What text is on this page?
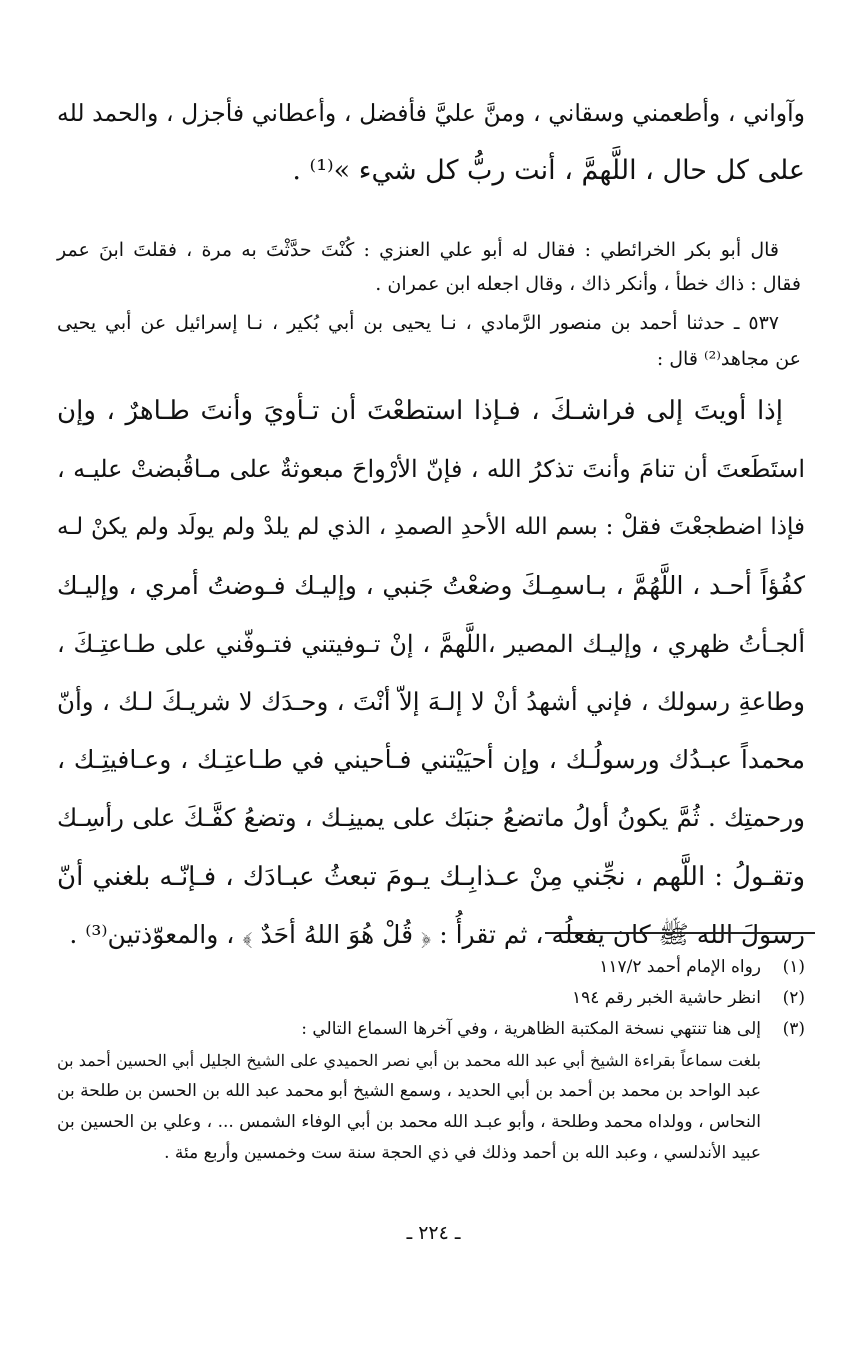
وآواني ، وأطعمني وسقاني ، ومنَّ عليَّ فأفضل ، وأعطاني فأجزل ، والحمد لله
على كل حال ، اللَّهمَّ ، أنت ربُّ كل شيء »⁽¹⁾ .
قال أبو بكر الخرائطي : فقال له أبو علي العنزي : كُنْتَ حدَّثْتَ به مرة ، فقلتَ ابنَ عمر
فقال : ذاك خطأ ، وأنكر ذاك ، وقال اجعله ابن عمران .
٥٣٧ ـ حدثنا أحمد بن منصور الرَّمادي ، نـا يحيى بن أبي بُكير ، نـا إسرائيل عن أبي يحيى
عن مجاهد⁽²⁾ قال :
إذا أويتَ إلى فراشـكَ ، فـإذا استطعْتَ أن تـأويَ وأنتَ طـاهرٌ ، وإن
استَطَعتَ أن تنامَ وأنتَ تذكرُ الله ، فإنّ الأرْواحَ مبعوثةٌ على مـاقُبضتْ عليـه ،
فإذا اضطجعْتَ فقلْ : بسم الله الأحدِ الصمدِ ، الذي لم يلدْ ولم يولَد ولم يكنْ لـه
كفُؤاً أحـد ، اللَّهُمَّ ، بـاسمِـكَ وضعْتُ جَنبي ، وإليـك فـوضتُ أمري ، وإليـك
ألجـأتُ ظهري ، وإليـك المصير ،اللَّهمَّ ، إنْ تـوفيتني فتـوفّني على طـاعتِـكَ ،
وطاعةِ رسولك ، فإني أشهدُ أنْ لا إلـهَ إلاّ أنْتَ ، وحـدَك لا شريـكَ لـك ، وأنّ
محمداً عبـدُك ورسولُـك ، وإن أحيَيْتني فـأحيني في طـاعتِـك ، وعـافيتِـك ،
ورحمتِك . ثُمَّ يكونُ أولُ ماتضعُ جنبَك على يمينِـك ، وتضعُ كفَّـكَ على رأسِـك
وتقـولُ : اللَّهم ، نجِّني مِنْ عـذابِـك يـومَ تبعثُ عبـادَك ، فـإنّـه بلغني أنّ
رسولَ الله ﷺ كان يفعلُه ، ثم تقرأُ : ﴿ قُلْ هُوَ اللهُ أحَدٌ ﴾ ، والمعوّذتين⁽³⁾ .
(١)
رواه الإمام أحمد ١١٧/٢
(٢)
انظر حاشية الخبر رقم ١٩٤
(٣)
إلى هنا تنتهي نسخة المكتبة الظاهرية ، وفي آخرها السماع التالي :
بلغت سماعاً بقراءة الشيخ أبي عبد الله محمد بن أبي نصر الحميدي على الشيخ الجليل أبي الحسين أحمد بن
عبد الواحد بن محمد بن أحمد بن أبي الحديد ، وسمع الشيخ أبو محمد عبد الله بن الحسن بن طلحة بن
النحاس ، وولداه محمد وطلحة ، وأبو عبـد الله محمد بن أبي الوفاء الشمس ... ، وعلي بن الحسين بن
عبيد الأندلسي ، وعبد الله بن أحمد وذلك في ذي الحجة سنة ست وخمسين وأربع مئة .
ـ ٢٢٤ ـ
